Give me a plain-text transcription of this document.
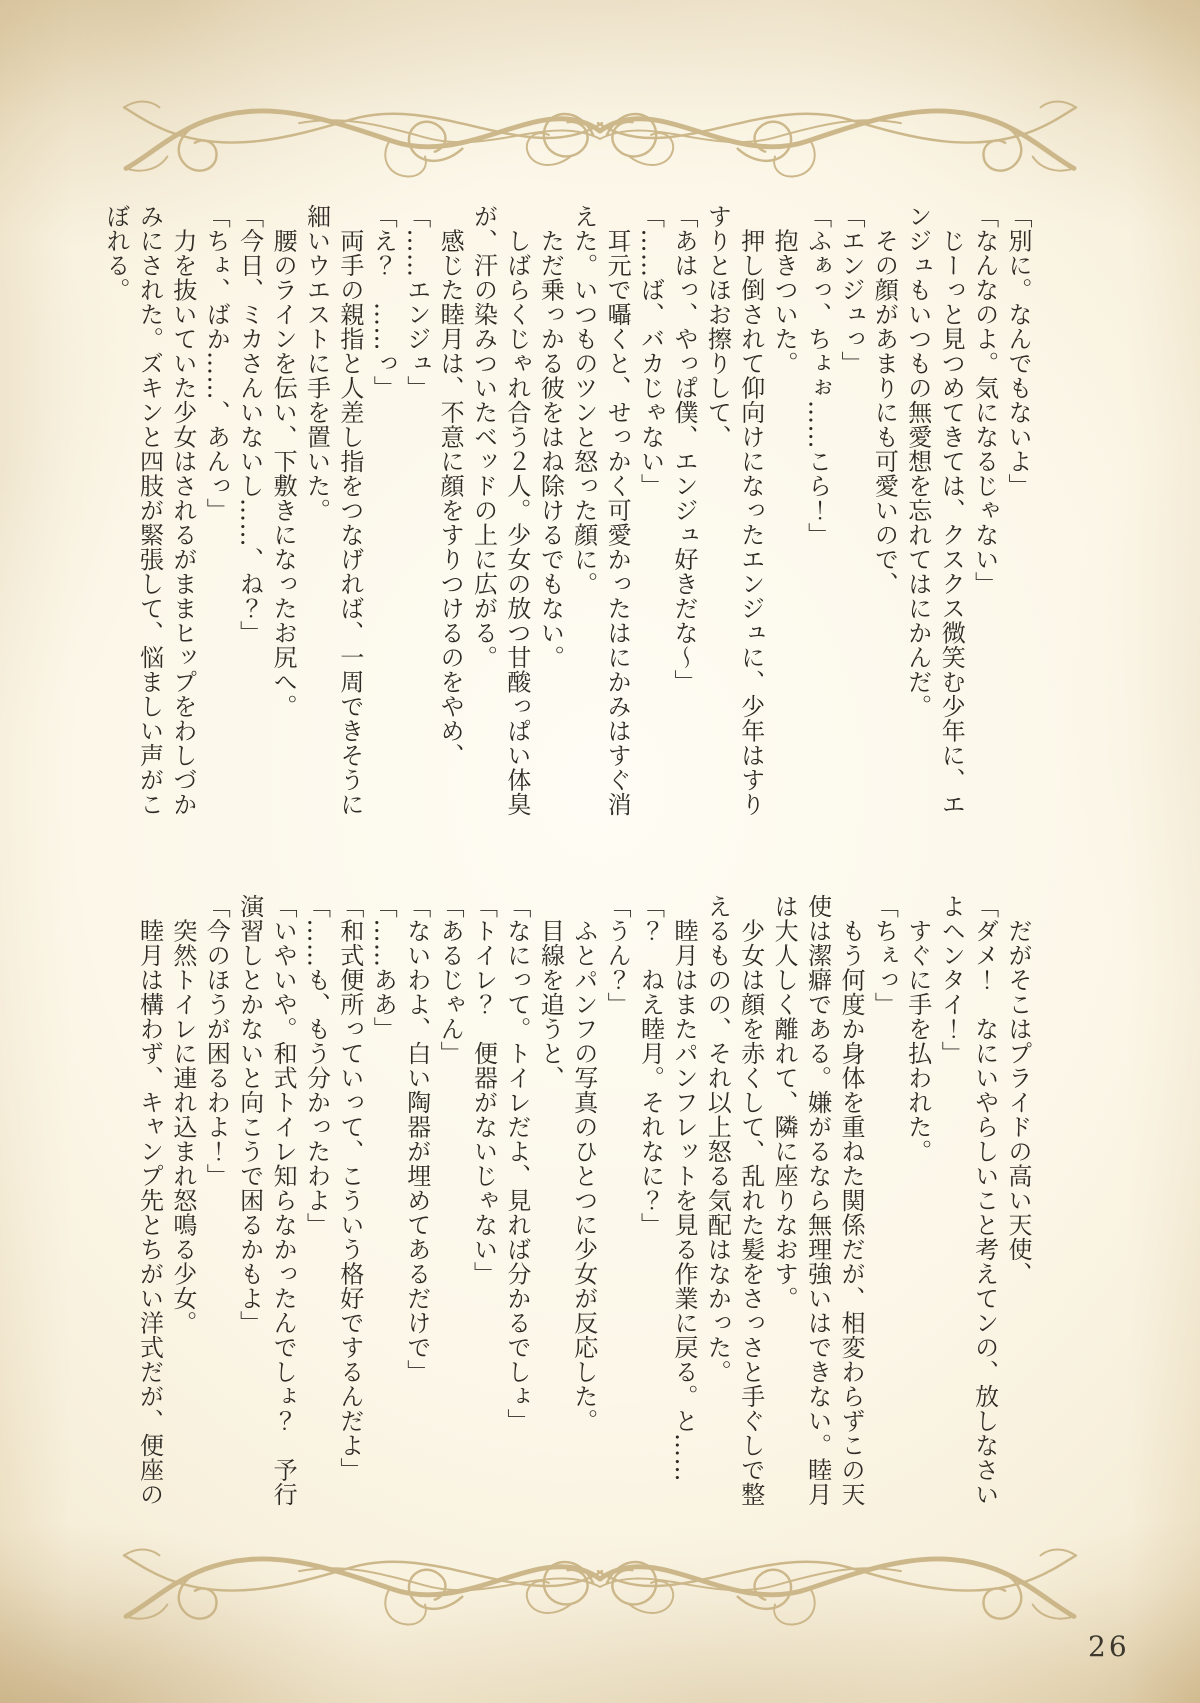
「別に。なんでもないよ」
「なんなのよ。気になるじゃない」
　じーっと見つめてきては、クスクス微笑む少年に、エ
ンジュもいつもの無愛想を忘れてはにかんだ。
　その顔があまりにも可愛いので、
「エンジュっ」
「ふぁっ、ちょぉ……こら！」
　抱きついた。
　押し倒されて仰向けになったエンジュに、少年はすり
すりとほお擦りして、
「あはっ、やっぱ僕、エンジュ好きだな〜」
「……ば、バカじゃない」
　耳元で囁くと、せっかく可愛かったはにかみはすぐ消
えた。いつものツンと怒った顔に。
　ただ乗っかる彼をはね除けるでもない。
　しばらくじゃれ合う２人。少女の放つ甘酸っぱい体臭
が、汗の染みついたベッドの上に広がる。
　感じた睦月は、不意に顔をすりつけるのをやめ、
「……エンジュ」
「え？　……っ」
　両手の親指と人差し指をつなげれば、一周できそうに
細いウエストに手を置いた。
　腰のラインを伝い、下敷きになったお尻へ。
「今日、ミカさんいないし……、ね？」
「ちょ、ばか……、あんっ」
　力を抜いていた少女はされるがままヒップをわしづか
みにされた。ズキンと四肢が緊張して、悩ましい声がこ
ぼれる。
　だがそこはプライドの高い天使、
「ダメ！　なにいやらしいこと考えてンの、放しなさい
よヘンタイ！」
　すぐに手を払われた。
「ちぇっ」
　もう何度か身体を重ねた関係だが、相変わらずこの天
使は潔癖である。嫌がるなら無理強いはできない。睦月
は大人しく離れて、隣に座りなおす。
　少女は顔を赤くして、乱れた髪をさっさと手ぐしで整
えるものの、それ以上怒る気配はなかった。
　睦月はまたパンフレットを見る作業に戻る。と……
「？　ねえ睦月。それなに？」
「うん？」
　ふとパンフの写真のひとつに少女が反応した。
　目線を追うと、
「なにって。トイレだよ、見れば分かるでしょ」
「トイレ？　便器がないじゃない」
「あるじゃん」
「ないわよ、白い陶器が埋めてあるだけで」
「……ああ」
「和式便所っていって、こういう格好でするんだよ」
「……も、もう分かったわよ」
「いやいや。和式トイレ知らなかったんでしょ？　予行
演習しとかないと向こうで困るかもよ」
「今のほうが困るわよ！」
　突然トイレに連れ込まれ怒鳴る少女。
　睦月は構わず、キャンプ先とちがい洋式だが、便座の
26
